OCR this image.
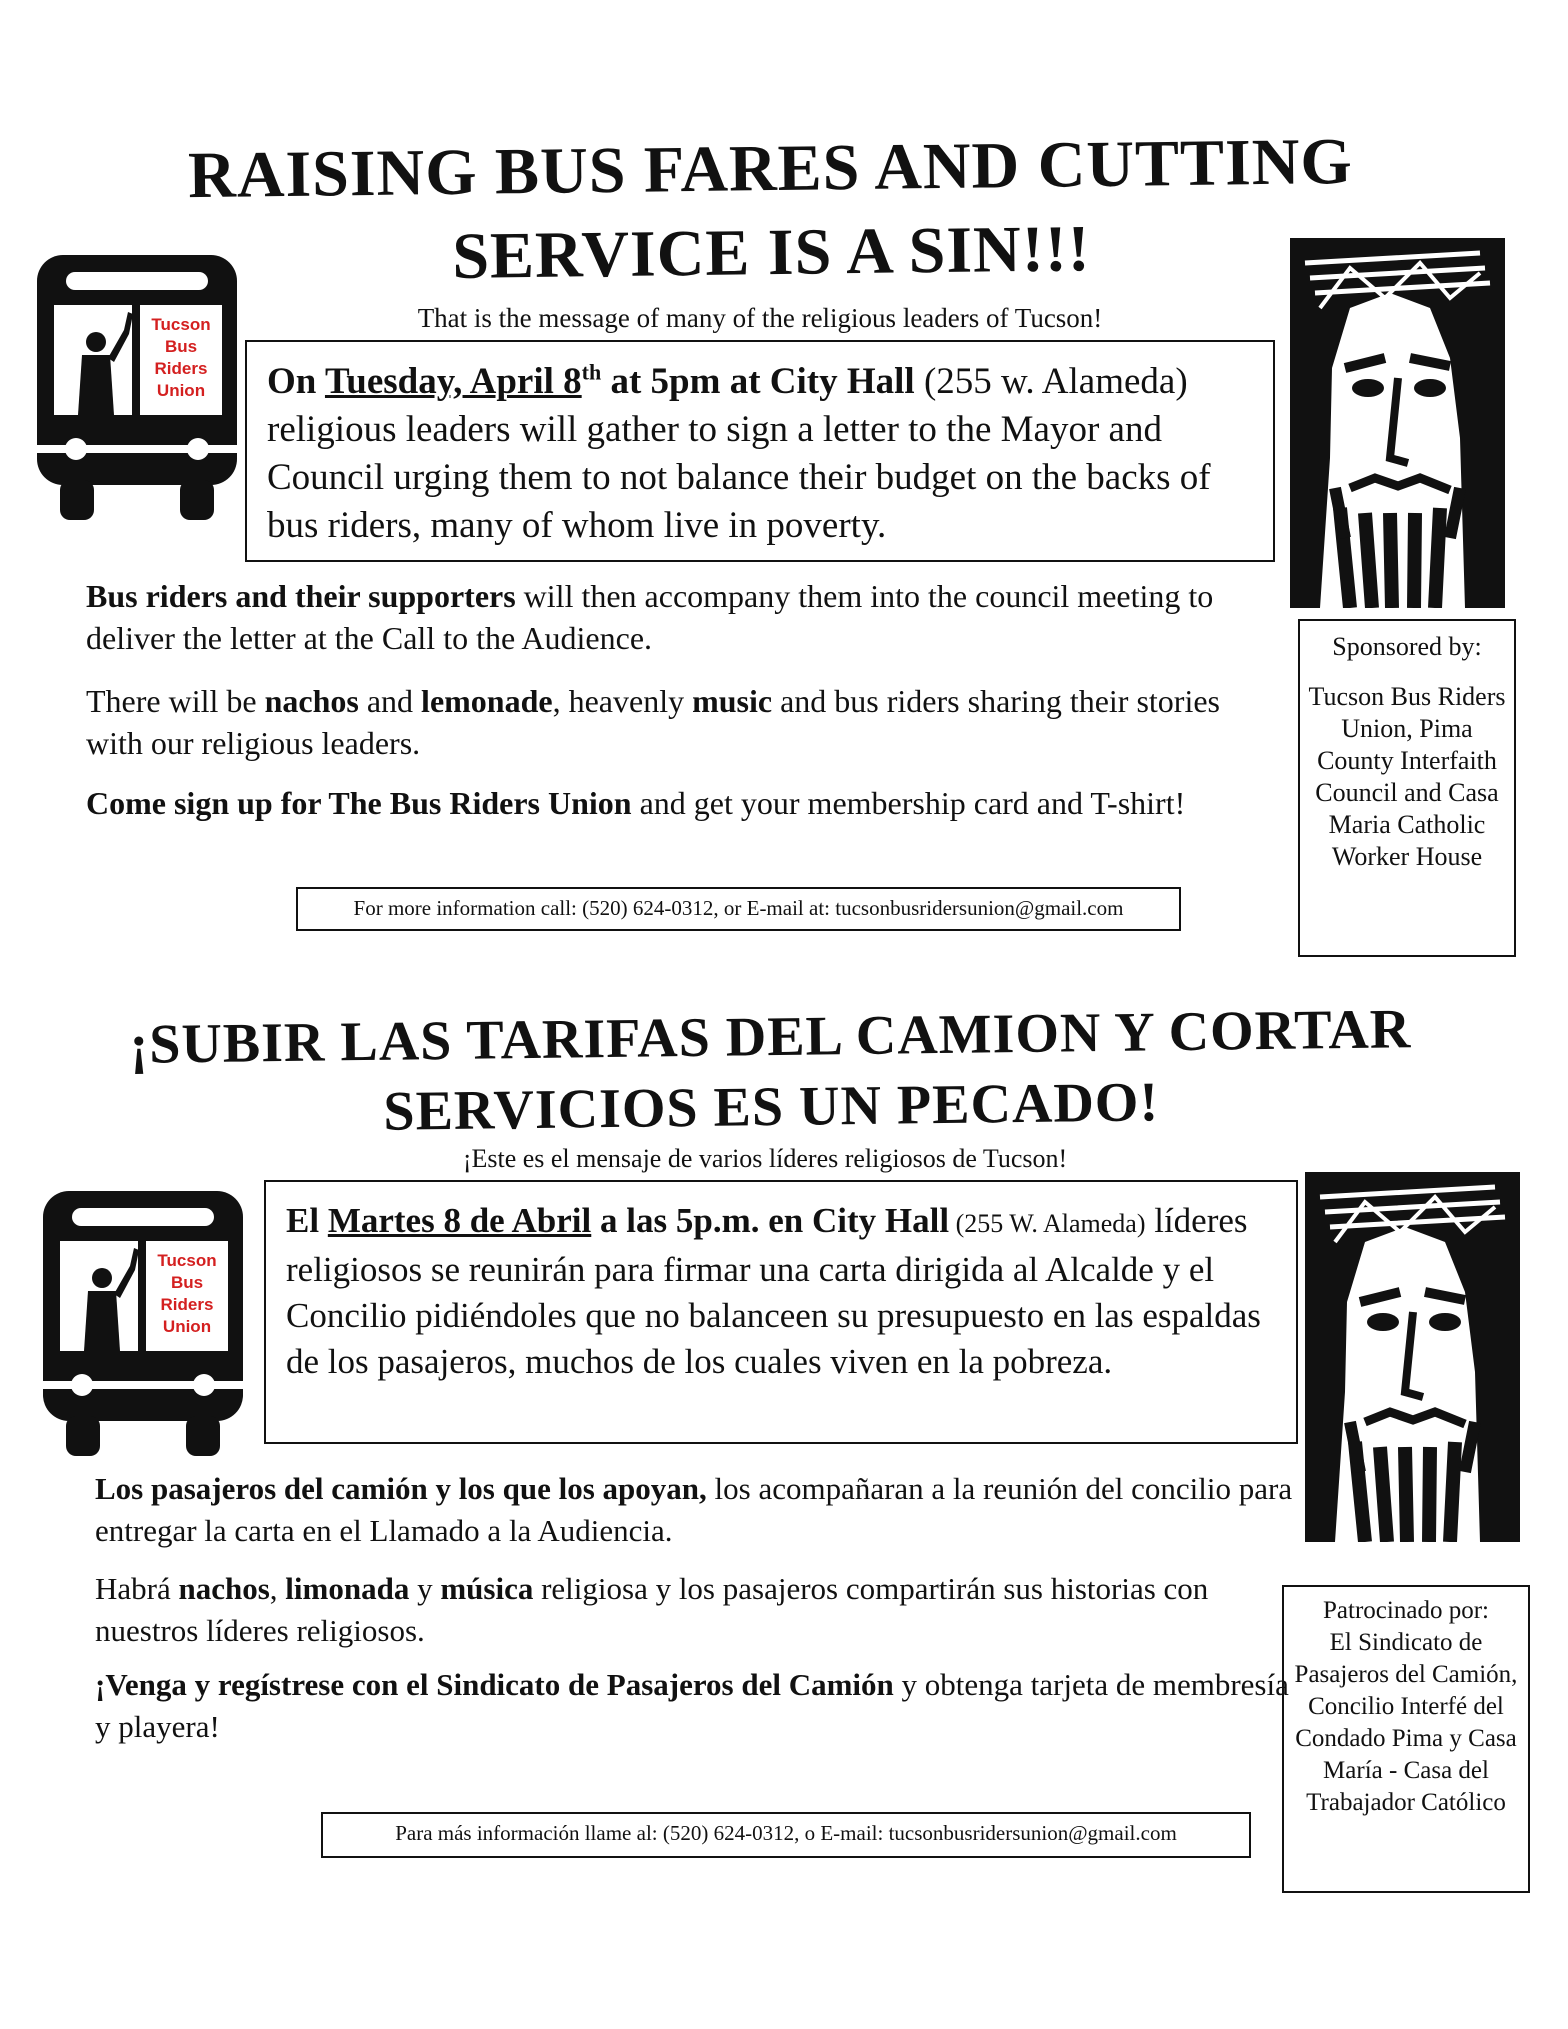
RAISING BUS FARES AND CUTTING
SERVICE IS A SIN!!!
Tucson
Bus
Riders
Union
That is the message of many of the religious leaders of Tucson!
On Tuesday, April 8th at 5pm at City Hall (255 w. Alameda) religious leaders will gather to sign a letter to the Mayor and Council urging them to not balance their budget on the backs of bus riders, many of whom live in poverty.
Bus riders and their supporters will then accompany them into the council meeting to deliver the letter at the Call to the Audience.
There will be nachos and lemonade, heavenly music and bus riders sharing their stories with our religious leaders.
Come sign up for The Bus Riders Union and get your membership card and T-shirt!
For more information call: (520) 624-0312, or E-mail at: tucsonbusridersunion@gmail.com
Sponsored by:
Tucson Bus Riders Union, Pima County Interfaith Council and Casa Maria Catholic Worker House
¡SUBIR LAS TARIFAS DEL CAMION Y CORTAR
SERVICIOS ES UN PECADO!
¡Este es el mensaje de varios líderes religiosos de Tucson!
Tucson
Bus
Riders
Union
El Martes 8 de Abril a las 5p.m. en City Hall (255 W. Alameda) líderes religiosos se reunirán para firmar una carta dirigida al Alcalde y el Concilio pidiéndoles que no balanceen su presupuesto en las espaldas de los pasajeros, muchos de los cuales viven en la pobreza.
Los pasajeros del camión y los que los apoyan, los acompañaran a la reunión del concilio para entregar la carta en el Llamado a la Audiencia.
Habrá nachos, limonada y música religiosa y los pasajeros compartirán sus historias con nuestros líderes religiosos.
¡Venga y regístrese con el Sindicato de Pasajeros del Camión y obtenga tarjeta de membresía y playera!
Para más información llame al: (520) 624-0312, o E-mail: tucsonbusridersunion@gmail.com
Patrocinado por:
El Sindicato de Pasajeros del Camión, Concilio Interfé del Condado Pima y Casa María - Casa del Trabajador Católico
